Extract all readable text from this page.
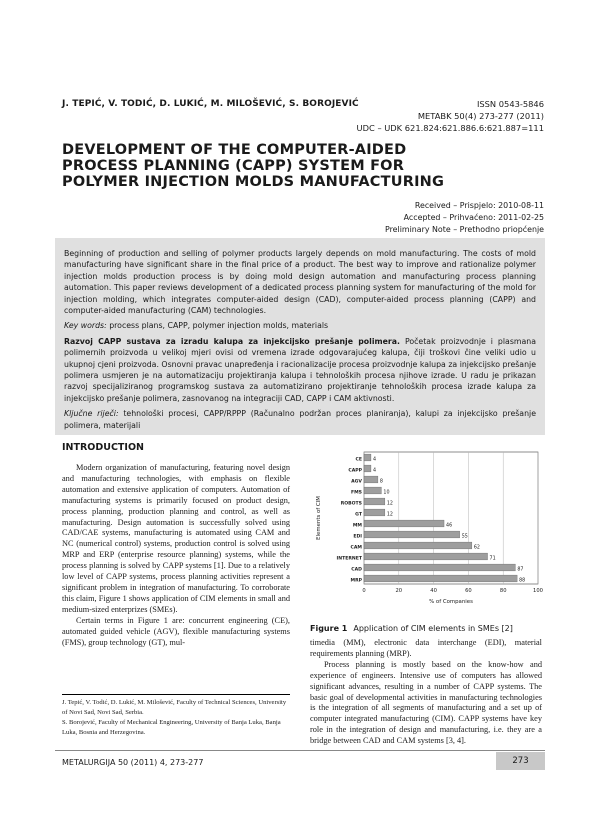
J. TEPIĆ, V. TODIĆ, D. LUKIĆ, M. MILOŠEVIĆ, S. BOROJEVIĆ	ISSN 0543-5846
METABK 50(4) 273-277 (2011)
UDC – UDK 621.824:621.886.6:621.887=111
DEVELOPMENT OF THE COMPUTER-AIDED
PROCESS PLANNING (CAPP) SYSTEM FOR
POLYMER INJECTION MOLDS MANUFACTURING
Received – Prispjelo: 2010-08-11
Accepted – Prihvaćeno: 2011-02-25
Preliminary Note – Prethodno priopćenje

Beginning of production and selling of polymer products largely depends on mold manufacturing. The costs of mold manufacturing have significant share in the final price of a product. The best way to improve and rationalize polymer injection molds production process is by doing mold design automation and manufacturing process planning automation. This paper reviews development of a dedicated process planning system for manufacturing of the mold for injection molding, which integrates computer-aided design (CAD), computer-aided process planning (CAPP) and computer-aided manufacturing (CAM) technologies.

Key words: process plans, CAPP, polymer injection molds, materials

Razvoj CAPP sustava za izradu kalupa za injekcijsko prešanje polimera. Početak proizvodnje i plasmana polimernih proizvoda u velikoj mjeri ovisi od vremena izrade odgovarajućeg kalupa, čiji troškovi čine veliki udio u ukupnoj cjeni proizvoda. Osnovni pravac unapređenja i racionalizacije procesa proizvodnje kalupa za injekcijsko prešanje polimera usmjeren je na automatizaciju projektiranja kalupa i tehnoloških procesa njihove izrade. U radu je prikazan razvoj specijaliziranog programskog sustava za automatizirano projektiranje tehnoloških procesa izrade kalupa za injekcijsko prešanje polimera, zasnovanog na integraciji CAD, CAPP i CAM aktivnosti.

Ključne riječi: tehnološki procesi, CAPP/RPPP (Računalno podržan proces planiranja), kalupi za injekcijsko prešanje polimera, materijali

INTRODUCTION

Modern organization of manufacturing, featuring novel design and manufacturing technologies, with emphasis on flexible automation and extensive application of computers. Automation of manufacturing systems is primarily focused on product design, process planning, production planning and control, as well as manufacturing. Design automation is successfully solved using CAD/CAE systems, manufacturing is automated using CAM and NC (numerical control) systems, production control is solved using MRP and ERP (enterprise resource planning) systems, while the process planning is solved by CAPP systems [1]. Due to a relatively low level of CAPP systems, process planning activities represent a significant problem in integration of manufacturing. To corroborate this claim, Figure 1 shows application of CIM elements in small and medium-sized enterprizes (SMEs).

Certain terms in Figure 1 are: concurrent engineering (CE), automated guided vehicle (AGV), flexible manufacturing systems (FMS), group technology (GT), mul-

0	20	40	60	80	100
CE 4
CAPP 4
AGV	8
FMS	10
ROBOTS	12
GT	12
MM	46
EDI	55
CAM	62
INTERNET	71
CAD	87
MRP	88
% of Companies
Elements of CIM
Figure 1 Application of CIM elements in SMEs [2]

timedia (MM), electronic data interchange (EDI), material requirements planning (MRP).

Process planning is mostly based on the know-how and experience of engineers. Intensive use of computers has allowed significant advances, resulting in a number of CAPP systems. The basic goal of developmental activities in manufacturing technologies is the integration of all segments of manufacturing and a set up of computer integrated manufacturing (CIM). CAPP systems have key role in the integration of design and manufacturing, i.e. they are a bridge between CAD and CAM systems [3, 4].

J. Tepić, V. Todić, D. Lukić, M. Milošević, Faculty of Technical Sciences, University of Novi Sad, Novi Sad, Serbia.
S. Borojević, Faculty of Mechanical Engineering, University of Banja Luka, Banja Luka, Bosnia and Herzegovina.
METALURGIJA 50 (2011) 4, 273-277	273
